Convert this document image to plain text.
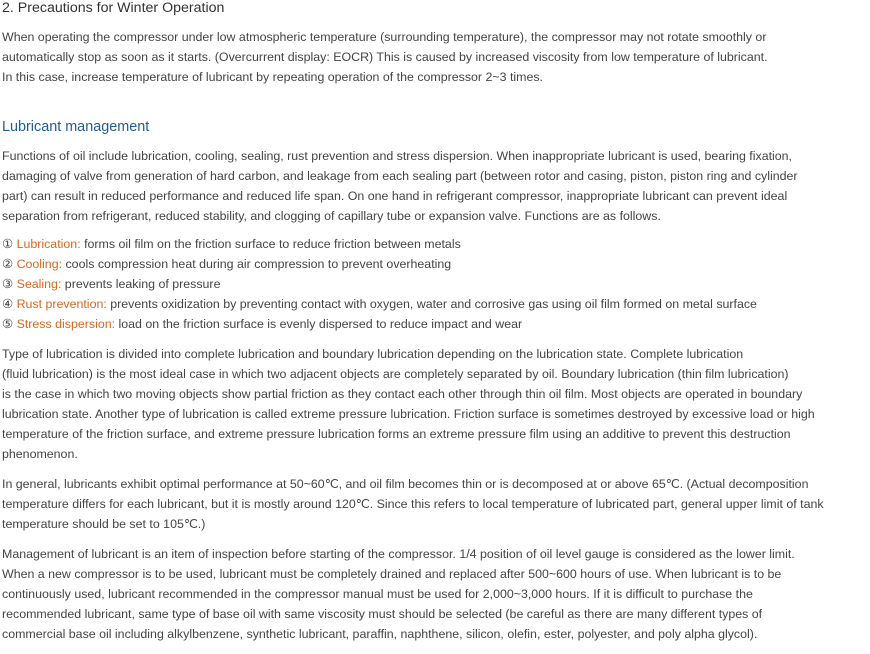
2. Precautions for Winter Operation
When operating the compressor under low atmospheric temperature (surrounding temperature), the compressor may not rotate smoothly or
automatically stop as soon as it starts. (Overcurrent display: EOCR) This is caused by increased viscosity from low temperature of lubricant.
In this case, increase temperature of lubricant by repeating operation of the compressor 2~3 times.
Lubricant management
Functions of oil include lubrication, cooling, sealing, rust prevention and stress dispersion. When inappropriate lubricant is used, bearing fixation,
damaging of valve from generation of hard carbon, and leakage from each sealing part (between rotor and casing, piston, piston ring and cylinder
part) can result in reduced performance and reduced life span. On one hand in refrigerant compressor, inappropriate lubricant can prevent ideal
separation from refrigerant, reduced stability, and clogging of capillary tube or expansion valve. Functions are as follows.
① Lubrication: forms oil film on the friction surface to reduce friction between metals
② Cooling: cools compression heat during air compression to prevent overheating
③ Sealing: prevents leaking of pressure
④ Rust prevention: prevents oxidization by preventing contact with oxygen, water and corrosive gas using oil film formed on metal surface
⑤ Stress dispersion: load on the friction surface is evenly dispersed to reduce impact and wear
Type of lubrication is divided into complete lubrication and boundary lubrication depending on the lubrication state. Complete lubrication
(fluid lubrication) is the most ideal case in which two adjacent objects are completely separated by oil. Boundary lubrication (thin film lubrication)
is the case in which two moving objects show partial friction as they contact each other through thin oil film. Most objects are operated in boundary
lubrication state. Another type of lubrication is called extreme pressure lubrication. Friction surface is sometimes destroyed by excessive load or high
temperature of the friction surface, and extreme pressure lubrication forms an extreme pressure film using an additive to prevent this destruction
phenomenon.
In general, lubricants exhibit optimal performance at 50~60℃, and oil film becomes thin or is decomposed at or above 65℃. (Actual decomposition
temperature differs for each lubricant, but it is mostly around 120℃. Since this refers to local temperature of lubricated part, general upper limit of tank
temperature should be set to 105℃.)
Management of lubricant is an item of inspection before starting of the compressor. 1/4 position of oil level gauge is considered as the lower limit.
When a new compressor is to be used, lubricant must be completely drained and replaced after 500~600 hours of use. When lubricant is to be
continuously used, lubricant recommended in the compressor manual must be used for 2,000~3,000 hours. If it is difficult to purchase the
recommended lubricant, same type of base oil with same viscosity must should be selected (be careful as there are many different types of
commercial base oil including alkylbenzene, synthetic lubricant, paraffin, naphthene, silicon, olefin, ester, polyester, and poly alpha glycol).
